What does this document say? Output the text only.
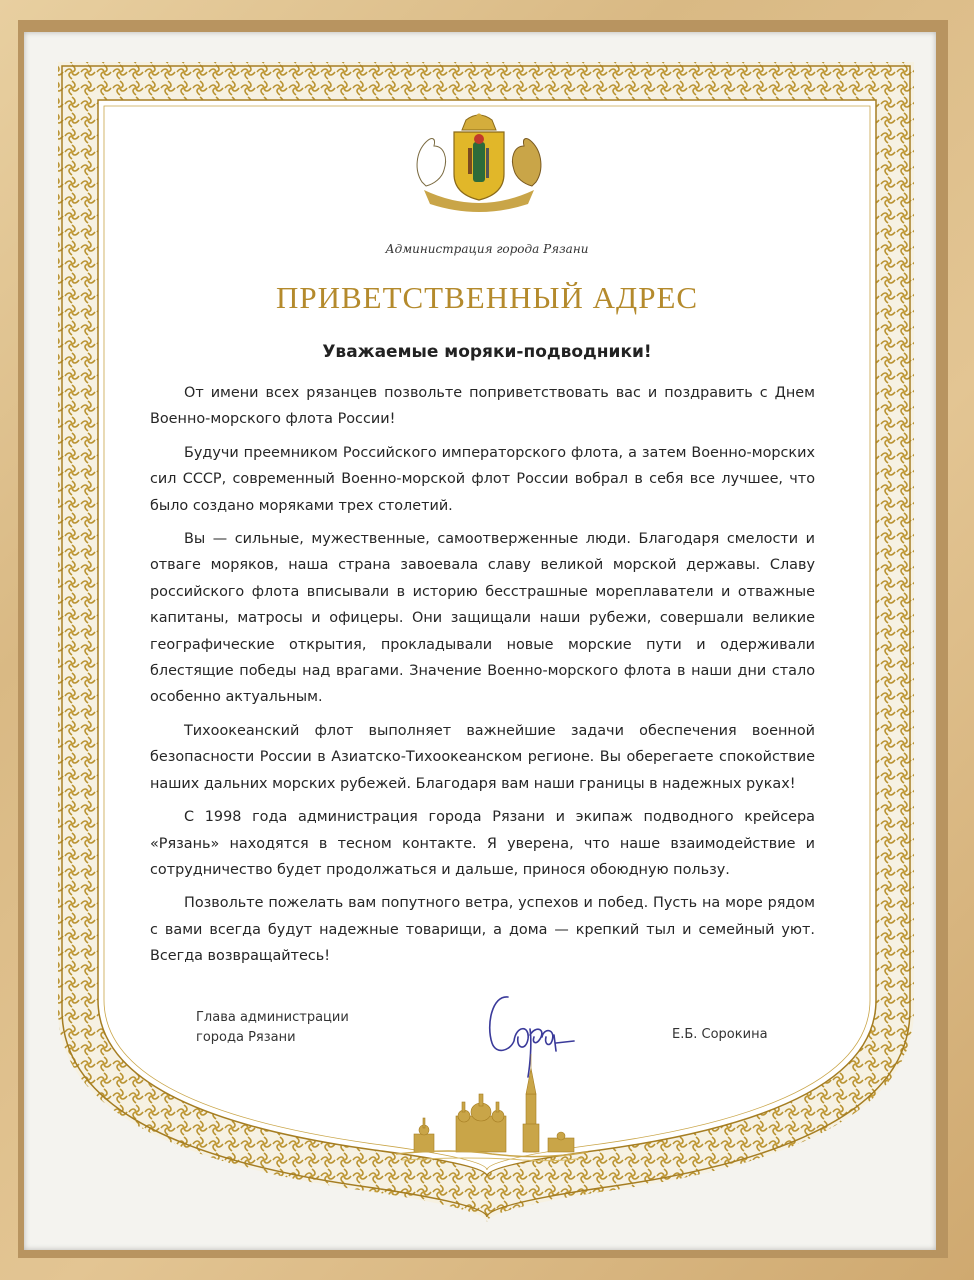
Администрация города Рязани
ПРИВЕТСТВЕННЫЙ АДРЕС
Уважаемые моряки-подводники!

От имени всех рязанцев позвольте поприветствовать вас и поздравить с Днем Военно-морского флота России!

Будучи преемником Российского императорского флота, а затем Военно-морских сил СССР, современный Военно-морской флот России вобрал в себя все лучшее, что было создано моряками трех столетий.

Вы — сильные, мужественные, самоотверженные люди. Благодаря смелости и отваге моряков, наша страна завоевала славу великой морской державы. Славу российского флота вписывали в историю бесстрашные мореплаватели и отважные капитаны, матросы и офицеры. Они защищали наши рубежи, совершали великие географические открытия, прокладывали новые морские пути и одерживали блестящие победы над врагами. Значение Военно-морского флота в наши дни стало особенно актуальным.

Тихоокеанский флот выполняет важнейшие задачи обеспечения военной безопасности России в Азиатско-Тихоокеанском регионе. Вы оберегаете спокойствие наших дальних морских рубежей. Благодаря вам наши границы в надежных руках!

С 1998 года администрация города Рязани и экипаж подводного крейсера «Рязань» находятся в тесном контакте. Я уверена, что наше взаимодействие и сотрудничество будет продолжаться и дальше, принося обоюдную пользу.

Позвольте пожелать вам попутного ветра, успехов и побед. Пусть на море рядом с вами всегда будут надежные товарищи, а дома — крепкий тыл и семейный уют. Всегда возвращайтесь!

Глава администрации
города Рязани	Е.Б. Сорокина
